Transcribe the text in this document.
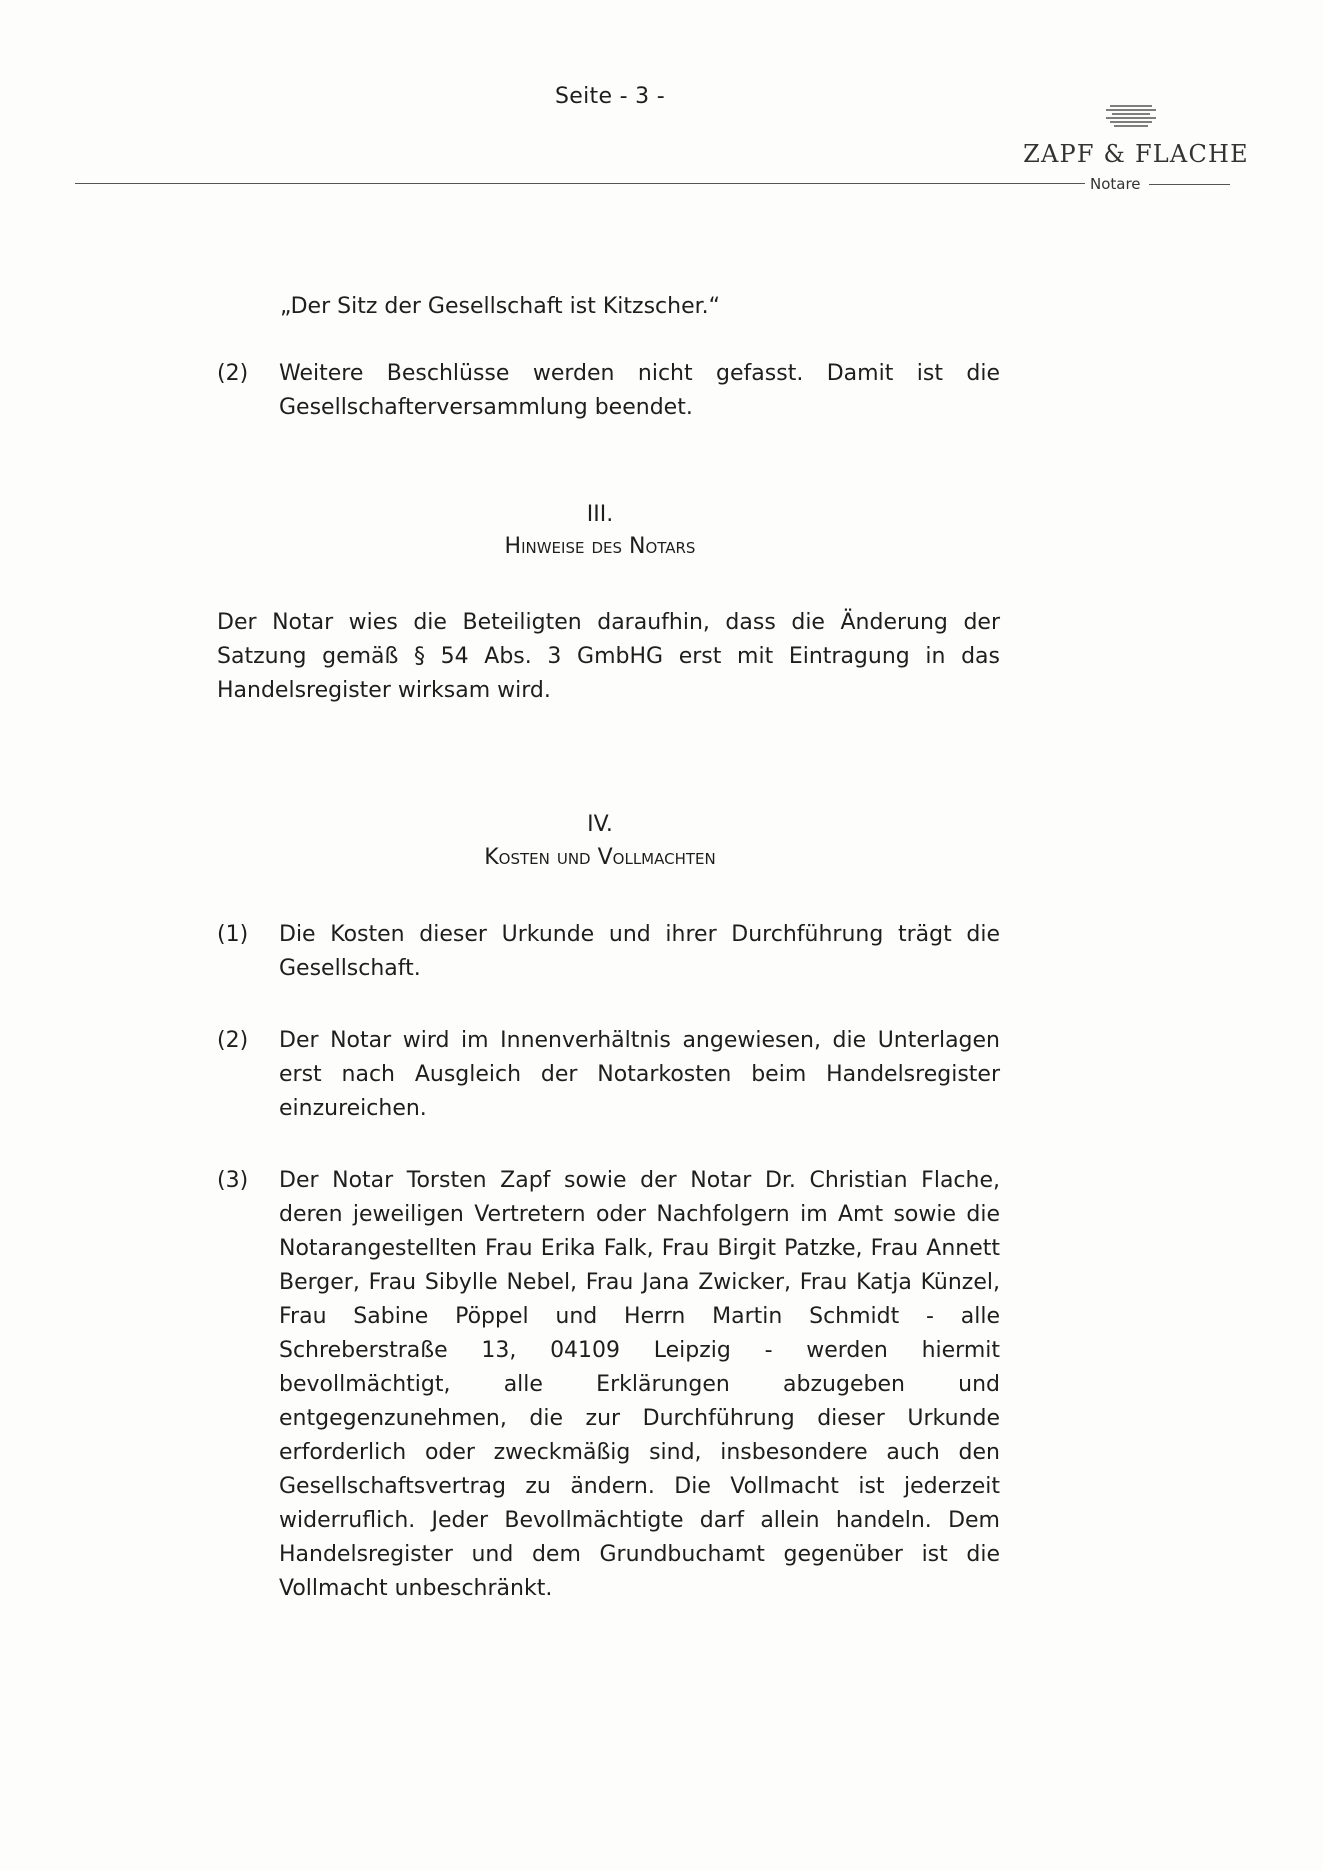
Seite - 3 -
ZAPF & FLACHE
Notare

„Der Sitz der Gesellschaft ist Kitzscher.“

(2)	Weitere Beschlüsse werden nicht gefasst. Damit ist die Gesellschafterversammlung beendet.
III.
Hinweise des Notars

Der Notar wies die Beteiligten daraufhin, dass die Änderung der Satzung gemäß § 54 Abs. 3 GmbHG erst mit Eintragung in das Handelsregister wirksam wird.

IV.
Kosten und Vollmachten
(1)	Die Kosten dieser Urkunde und ihrer Durchführung trägt die Gesellschaft.
(2)	Der Notar wird im Innenverhältnis angewiesen, die Unterlagen erst nach Ausgleich der Notarkosten beim Handelsregister einzureichen.
(3)	Der Notar Torsten Zapf sowie der Notar Dr. Christian Flache, deren jeweiligen Vertretern oder Nachfolgern im Amt sowie die Notarangestellten Frau Erika Falk, Frau Birgit Patzke, Frau Annett Berger, Frau Sibylle Nebel, Frau Jana Zwicker, Frau Katja Künzel, Frau Sabine Pöppel und Herrn Martin Schmidt - alle Schreberstraße 13, 04109 Leipzig - werden hiermit bevollmächtigt, alle Erklärungen abzugeben und entgegenzunehmen, die zur Durchführung dieser Urkunde erforderlich oder zweckmäßig sind, insbesondere auch den Gesellschaftsvertrag zu ändern. Die Vollmacht ist jederzeit widerruflich. Jeder Bevollmächtigte darf allein handeln. Dem Handelsregister und dem Grundbuchamt gegenüber ist die Vollmacht unbeschränkt.
